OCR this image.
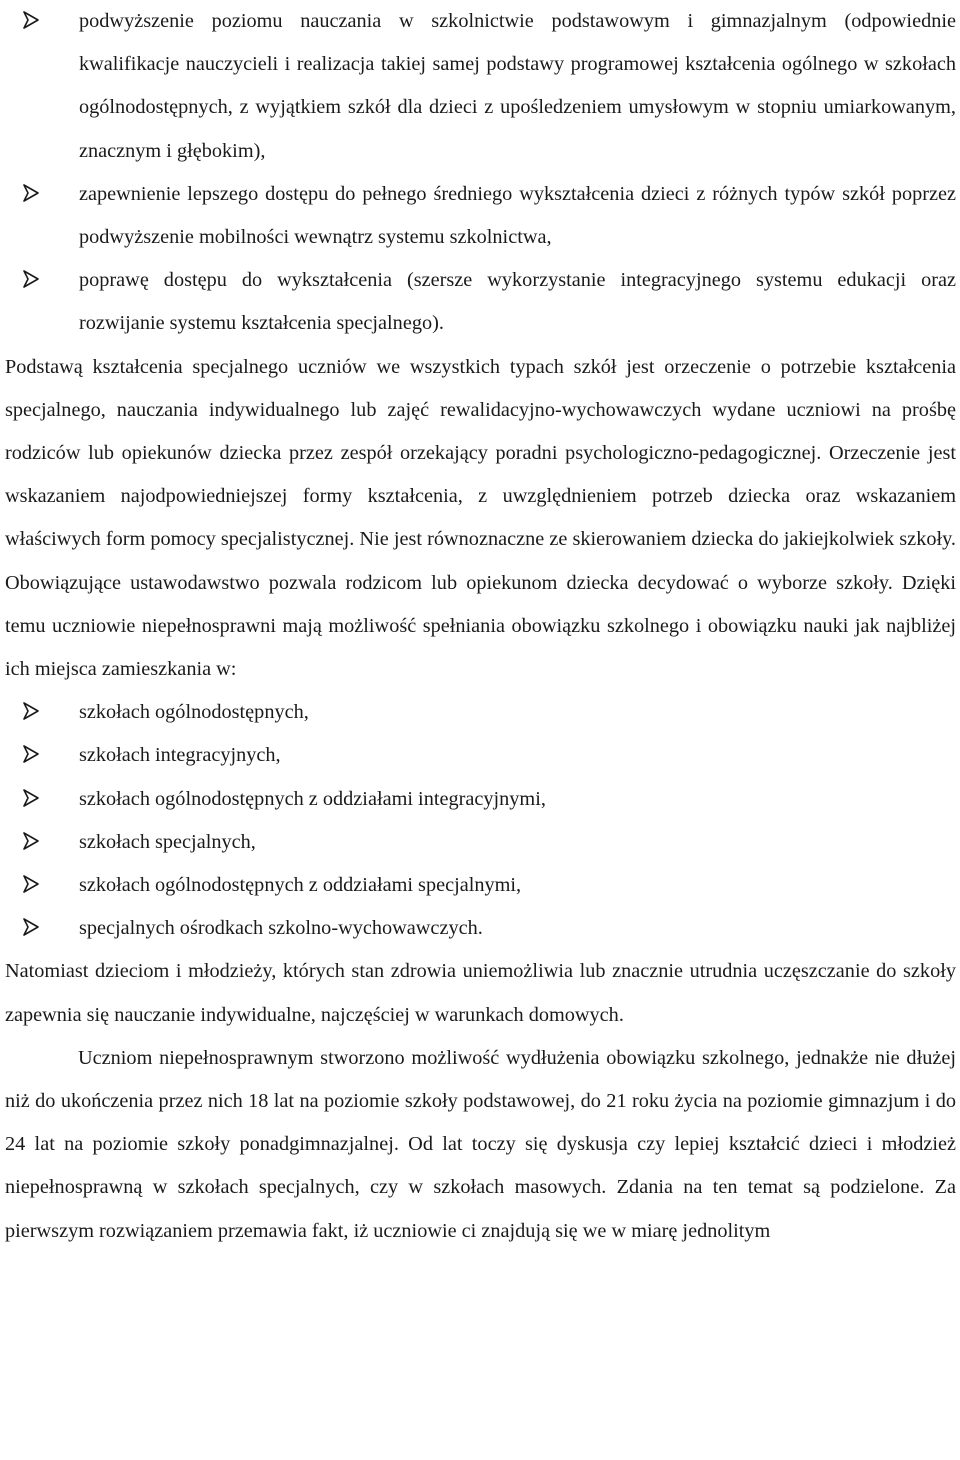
podwyższenie poziomu nauczania w szkolnictwie podstawowym i gimnazjalnym (odpowiednie kwalifikacje nauczycieli i realizacja takiej samej podstawy programowej kształcenia ogólnego w szkołach ogólnodostępnych, z wyjątkiem szkół dla dzieci z upośledzeniem umysłowym w stopniu umiarkowanym, znacznym i głębokim),
zapewnienie lepszego dostępu do pełnego średniego wykształcenia dzieci z różnych typów szkół poprzez podwyższenie mobilności wewnątrz systemu szkolnictwa,
poprawę dostępu do wykształcenia (szersze wykorzystanie integracyjnego systemu edukacji oraz rozwijanie systemu kształcenia specjalnego).

Podstawą kształcenia specjalnego uczniów we wszystkich typach szkół jest orzeczenie o potrzebie kształcenia specjalnego, nauczania indywidualnego lub zajęć rewalidacyjno-wychowawczych wydane uczniowi na prośbę rodziców lub opiekunów dziecka przez zespół orzekający poradni psychologiczno-pedagogicznej. Orzeczenie jest wskazaniem najodpowiedniejszej formy kształcenia, z uwzględnieniem potrzeb dziecka oraz wskazaniem właściwych form pomocy specjalistycznej. Nie jest równoznaczne ze skierowaniem dziecka do jakiejkolwiek szkoły. Obowiązujące ustawodawstwo pozwala rodzicom lub opiekunom dziecka decydować o wyborze szkoły. Dzięki temu uczniowie niepełnosprawni mają możliwość spełniania obowiązku szkolnego i obowiązku nauki jak najbliżej ich miejsca zamieszkania w:

szkołach ogólnodostępnych,
szkołach integracyjnych,
szkołach ogólnodostępnych z oddziałami integracyjnymi,
szkołach specjalnych,
szkołach ogólnodostępnych z oddziałami specjalnymi,
specjalnych ośrodkach szkolno-wychowawczych.

Natomiast dzieciom i młodzieży, których stan zdrowia uniemożliwia lub znacznie utrudnia uczęszczanie do szkoły zapewnia się nauczanie indywidualne, najczęściej w warunkach domowych.

Uczniom niepełnosprawnym stworzono możliwość wydłużenia obowiązku szkolnego, jednakże nie dłużej niż do ukończenia przez nich 18 lat na poziomie szkoły podstawowej, do 21 roku życia na poziomie gimnazjum i do 24 lat na poziomie szkoły ponadgimnazjalnej. Od lat toczy się dyskusja czy lepiej kształcić dzieci i młodzież niepełnosprawną w szkołach specjalnych, czy w szkołach masowych. Zdania na ten temat są podzielone. Za pierwszym rozwiązaniem przemawia fakt, iż uczniowie ci znajdują się we w miarę jednolitym
